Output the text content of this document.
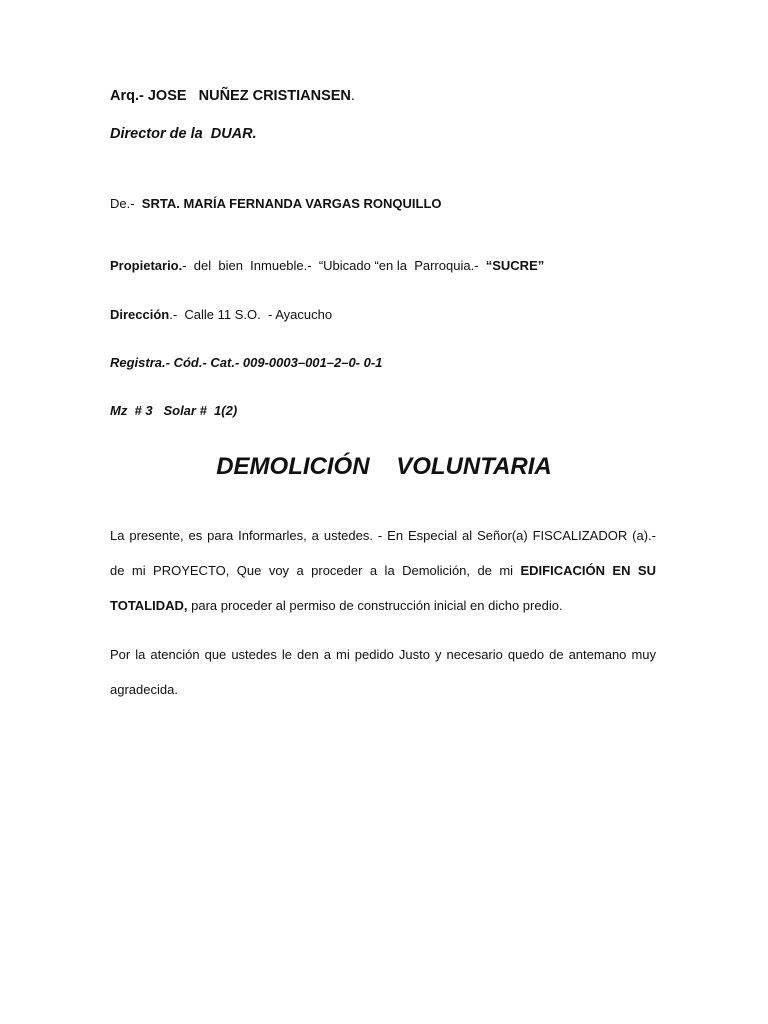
Arq.- JOSE   NUÑEZ CRISTIANSEN.
Director de la  DUAR.
De.-  SRTA. MARÍA FERNANDA VARGAS RONQUILLO
Propietario.-  del  bien  Inmueble.-  “Ubicado “en la  Parroquia.-  “SUCRE”
Dirección.-  Calle 11 S.O.  - Ayacucho
Registra.- Cód.- Cat.- 009-0003–001–2–0- 0-1
Mz  # 3   Solar #  1(2)
DEMOLICIÓN    VOLUNTARIA
La presente, es para Informarles, a ustedes. - En Especial al Señor(a) FISCALIZADOR (a).- de mi PROYECTO, Que voy a proceder a la Demolición, de mi EDIFICACIÓN EN SU TOTALIDAD, para proceder al permiso de construcción inicial en dicho predio.
Por la atención que ustedes le den a mi pedido Justo y necesario quedo de antemano muy agradecida.
